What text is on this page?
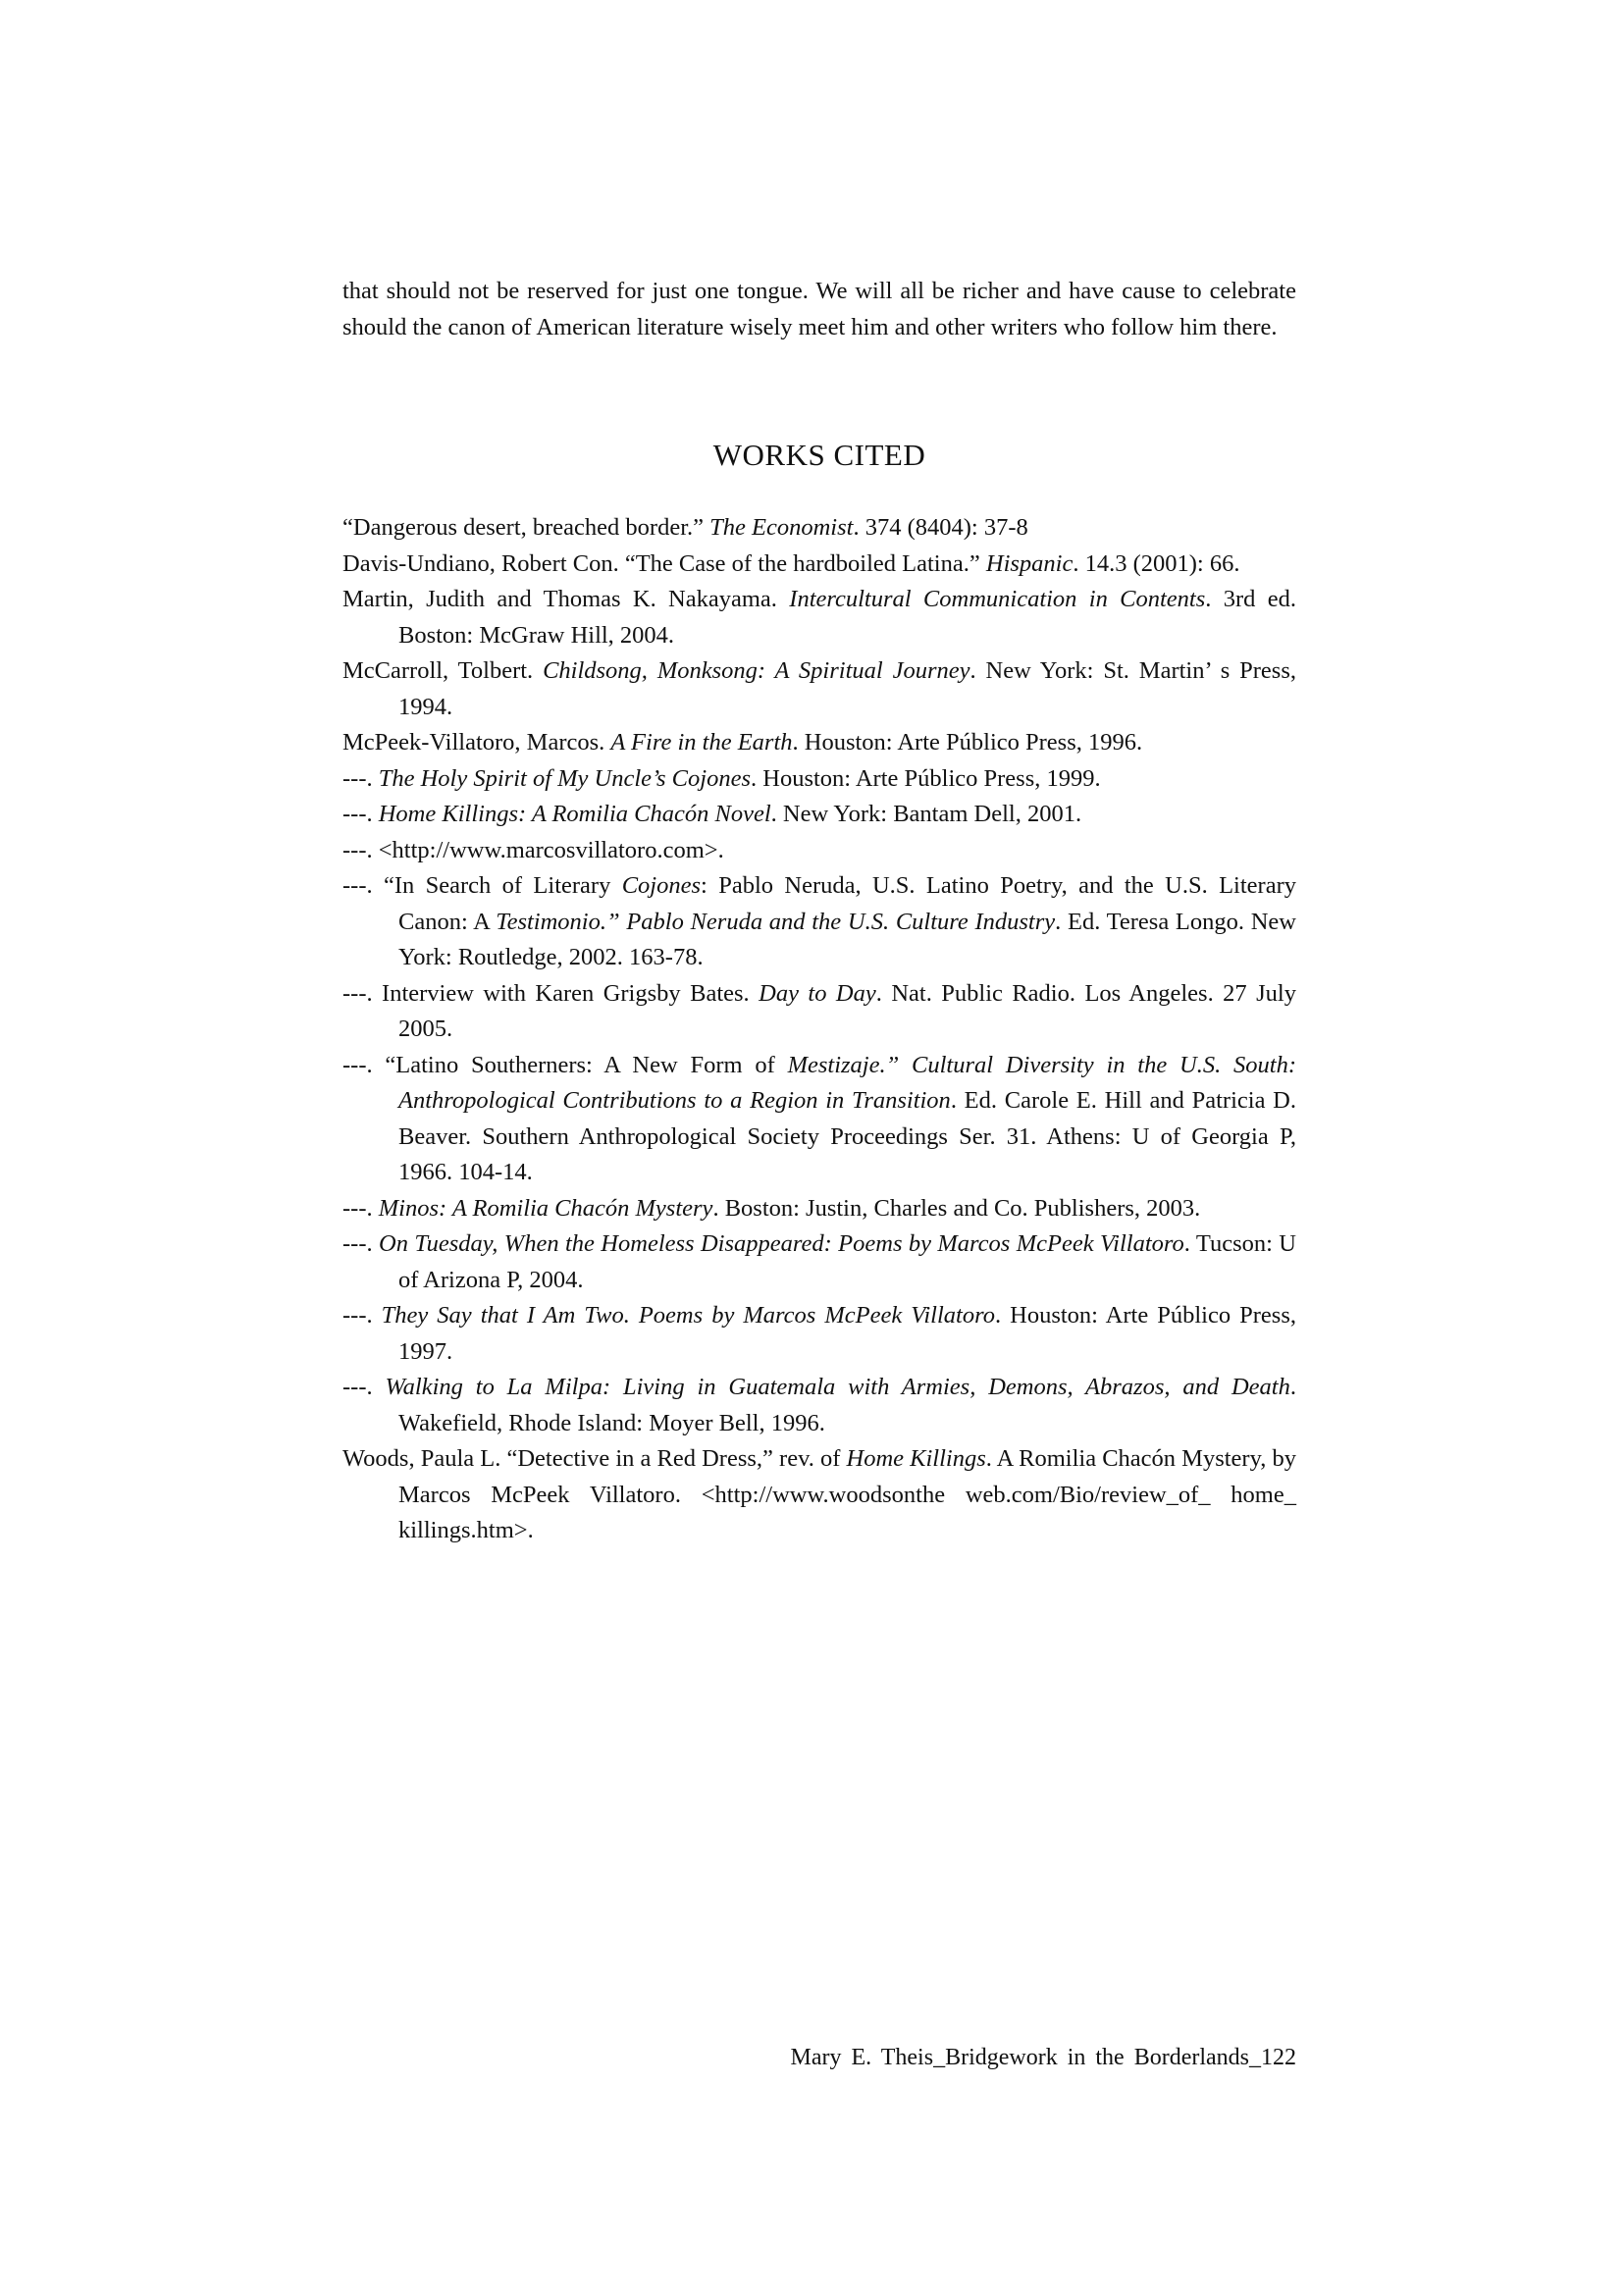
that should not be reserved for just one tongue. We will all be richer and have cause to celebrate should the canon of American literature wisely meet him and other writers who follow him there.

WORKS CITED
“Dangerous desert, breached border.” The Economist. 374 (8404): 37-8
Davis-Undiano, Robert Con. “The Case of the hardboiled Latina.” Hispanic. 14.3 (2001): 66.
Martin, Judith and Thomas K. Nakayama. Intercultural Communication in Contents. 3rd ed. Boston: McGraw Hill, 2004.
McCarroll, Tolbert. Childsong, Monksong: A Spiritual Journey. New York: St. Martin’ s Press, 1994.
McPeek-Villatoro, Marcos. A Fire in the Earth. Houston: Arte Público Press, 1996.
---. The Holy Spirit of My Uncle’s Cojones. Houston: Arte Público Press, 1999.
---. Home Killings: A Romilia Chacón Novel. New York: Bantam Dell, 2001.
---. <http://www.marcosvillatoro.com>.
---. “In Search of Literary Cojones: Pablo Neruda, U.S. Latino Poetry, and the U.S. Literary Canon: A Testimonio.” Pablo Neruda and the U.S. Culture Industry. Ed. Teresa Longo. New York: Routledge, 2002. 163-78.
---. Interview with Karen Grigsby Bates. Day to Day. Nat. Public Radio. Los Angeles. 27 July 2005.
---. “Latino Southerners: A New Form of Mestizaje.” Cultural Diversity in the U.S. South: Anthropological Contributions to a Region in Transition. Ed. Carole E. Hill and Patricia D. Beaver. Southern Anthropological Society Proceedings Ser. 31. Athens: U of Georgia P, 1966. 104-14.
---. Minos: A Romilia Chacón Mystery. Boston: Justin, Charles and Co. Publishers, 2003.
---. On Tuesday, When the Homeless Disappeared: Poems by Marcos McPeek Villatoro. Tucson: U of Arizona P, 2004.
---. They Say that I Am Two. Poems by Marcos McPeek Villatoro. Houston: Arte Público Press, 1997.
---. Walking to La Milpa: Living in Guatemala with Armies, Demons, Abrazos, and Death. Wakefield, Rhode Island: Moyer Bell, 1996.
Woods, Paula L. “Detective in a Red Dress,” rev. of Home Killings. A Romilia Chacón Mystery, by Marcos McPeek Villatoro. <http://www.woodsonthe web.com/Bio/review_of_ home_ killings.htm>.
Mary E. Theis_Bridgework in the Borderlands_122
